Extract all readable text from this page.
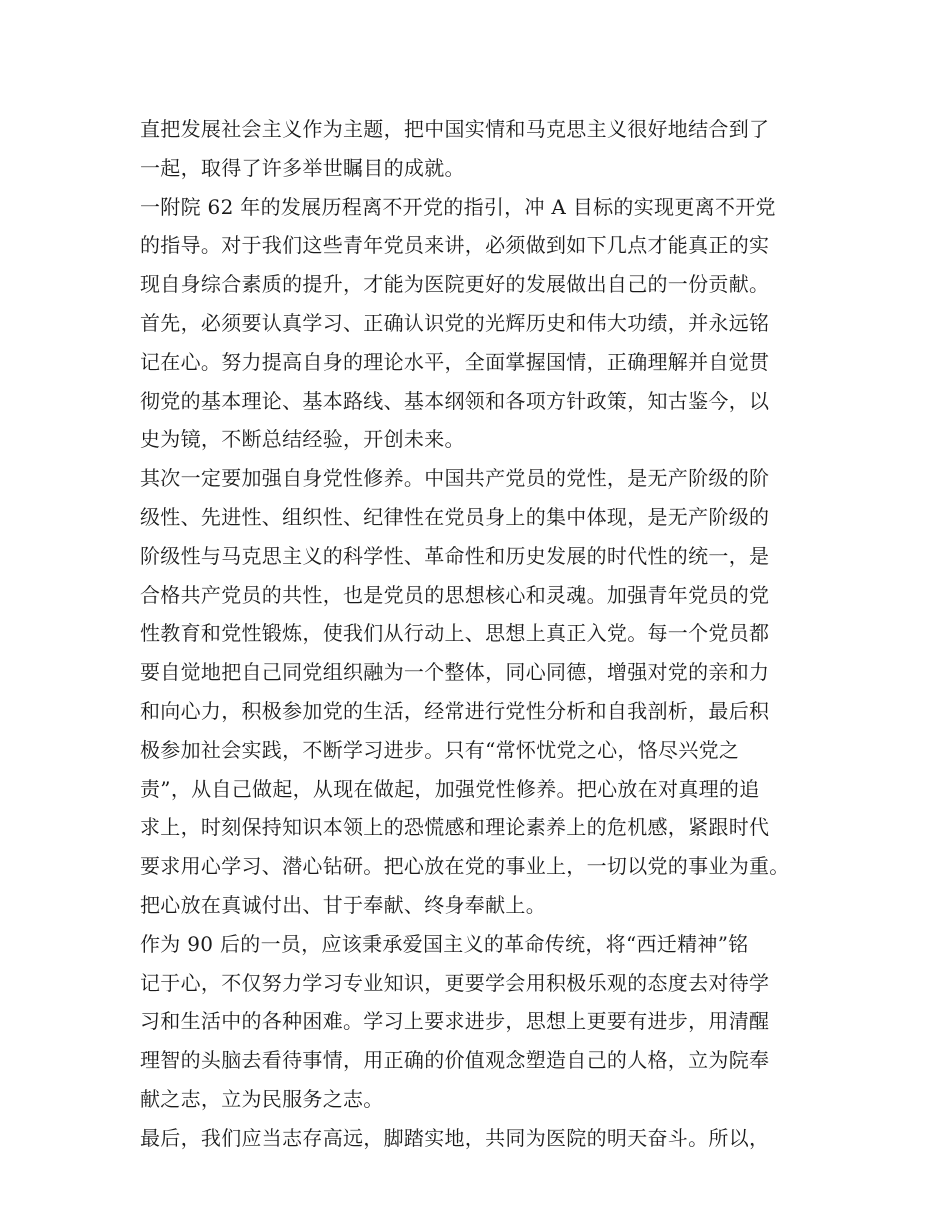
直把发展社会主义作为主题，把中国实情和马克思主义很好地结合到了
一起，取得了许多举世瞩目的成就。
一附院 62 年的发展历程离不开党的指引，冲 A 目标的实现更离不开党
的指导。对于我们这些青年党员来讲，必须做到如下几点才能真正的实
现自身综合素质的提升，才能为医院更好的发展做出自己的一份贡献。
首先，必须要认真学习、正确认识党的光辉历史和伟大功绩，并永远铭
记在心。努力提高自身的理论水平，全面掌握国情，正确理解并自觉贯
彻党的基本理论、基本路线、基本纲领和各项方针政策，知古鉴今，以
史为镜，不断总结经验，开创未来。
其次一定要加强自身党性修养。中国共产党员的党性，是无产阶级的阶
级性、先进性、组织性、纪律性在党员身上的集中体现，是无产阶级的
阶级性与马克思主义的科学性、革命性和历史发展的时代性的统一，是
合格共产党员的共性，也是党员的思想核心和灵魂。加强青年党员的党
性教育和党性锻炼，使我们从行动上、思想上真正入党。每一个党员都
要自觉地把自己同党组织融为一个整体，同心同德，增强对党的亲和力
和向心力，积极参加党的生活，经常进行党性分析和自我剖析，最后积
极参加社会实践，不断学习进步。只有“常怀忧党之心，恪尽兴党之
责”，从自己做起，从现在做起，加强党性修养。把心放在对真理的追
求上，时刻保持知识本领上的恐慌感和理论素养上的危机感，紧跟时代
要求用心学习、潜心钻研。把心放在党的事业上，一切以党的事业为重。
把心放在真诚付出、甘于奉献、终身奉献上。
作为 90 后的一员，应该秉承爱国主义的革命传统，将“西迁精神”铭
记于心，不仅努力学习专业知识，更要学会用积极乐观的态度去对待学
习和生活中的各种困难。学习上要求进步，思想上更要有进步，用清醒
理智的头脑去看待事情，用正确的价值观念塑造自己的人格，立为院奉
献之志，立为民服务之志。
最后，我们应当志存高远，脚踏实地，共同为医院的明天奋斗。所以，
